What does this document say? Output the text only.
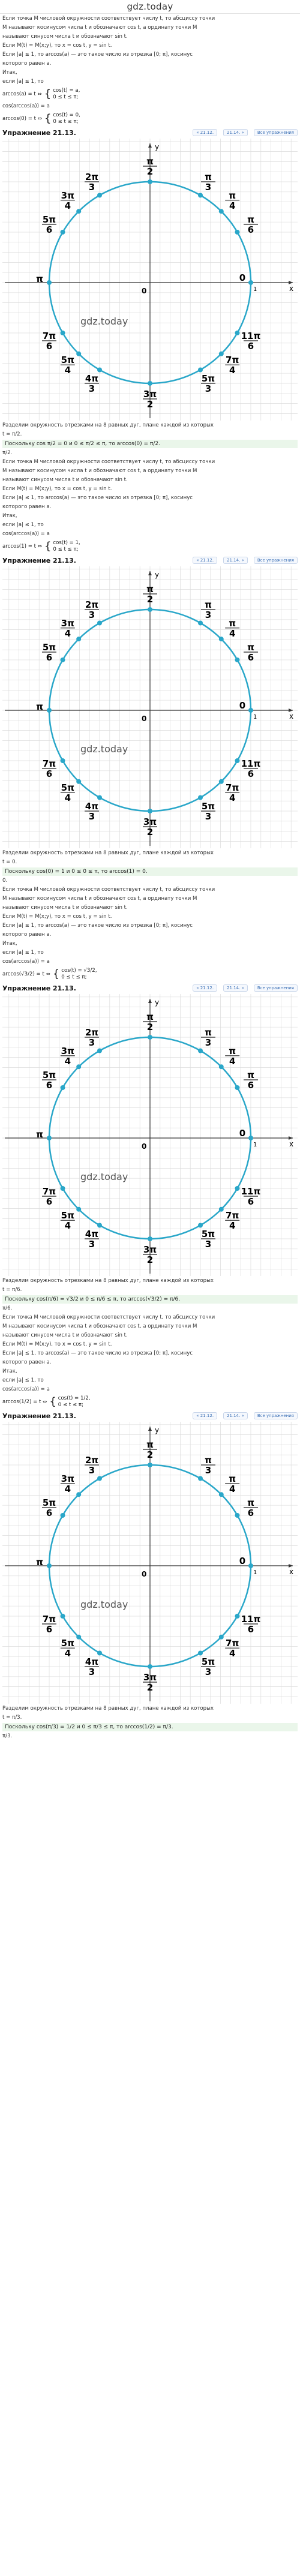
gdz.today
Если точка M числовой окружности соответствует числу t, то абсциссу точки
M называют косинусом числа t и обозначают cos t, а ординату точки M
называют синусом числа t и обозначают sin t.
Если M(t) = M(x;y), то x = cos t, y = sin t.
Если |a| ≤ 1, то arccos(a) — это такое число из отрезка [0; π], косинус
которого равен a.
Итак,
если |a| ≤ 1, то
arccos(a) = t ⇔ { cos(t) = a,
0 ≤ t ≤ π;
cos(arccos(a)) = a
arccos(0) = t ⇔ { cos(t) = 0,
0 ≤ t ≤ π;
Упражнение 21.13.	« 21.12.	21.14. »	Все упражнения
x
y
0	1
π
2	π
3
π
4
π
6
0
11π
6
7π
4
5π
3
3π
2
4π
3
5π
4
7π
6
π
5π
6
3π
4
2π
3
gdz.today
Разделим окружность отрезками на 8 равных дуг, плане каждой из которых
t = π/2.
Поскольку cos π/2 = 0 и 0 ≤ π/2 ≤ π, то arccos(0) = π/2.
π/2.
Если точка M числовой окружности соответствует числу t, то абсциссу точки
M называют косинусом числа t и обозначают cos t, а ординату точки M
называют синусом числа t и обозначают sin t.
Если M(t) = M(x;y), то x = cos t, y = sin t.
Если |a| ≤ 1, то arccos(a) — это такое число из отрезка [0; π], косинус
которого равен a.
Итак,
если |a| ≤ 1, то
cos(arccos(a)) = a
arccos(1) = t ⇔ { cos(t) = 1,
0 ≤ t ≤ π;
Упражнение 21.13.	« 21.12.	21.14. »	Все упражнения
x
y
0	1
π
2	π
3
π
4
π
6
0
11π
6
7π
4
5π
3
3π
2
4π
3
5π
4
7π
6
π
5π
6
3π
4
2π
3
gdz.today
Разделим окружность отрезками на 8 равных дуг, плане каждой из которых
t = 0.
Поскольку cos(0) = 1 и 0 ≤ 0 ≤ π, то arccos(1) = 0.
0.
Если точка M числовой окружности соответствует числу t, то абсциссу точки
M называют косинусом числа t и обозначают cos t, а ординату точки M
называют синусом числа t и обозначают sin t.
Если M(t) = M(x;y), то x = cos t, y = sin t.
Если |a| ≤ 1, то arccos(a) — это такое число из отрезка [0; π], косинус
которого равен a.
Итак,
если |a| ≤ 1, то
cos(arccos(a)) = a
arccos(√3/2) = t ⇔ { cos(t) = √3/2,
0 ≤ t ≤ π;
Упражнение 21.13.	« 21.12.	21.14. »	Все упражнения
x
y
0	1
π
2	π
3
π
4
π
6
0
11π
6
7π
4
5π
3
3π
2
4π
3
5π
4
7π
6
π
5π
6
3π
4
2π
3
gdz.today
Разделим окружность отрезками на 8 равных дуг, плане каждой из которых
t = π/6.
Поскольку cos(π/6) = √3/2 и 0 ≤ π/6 ≤ π, то arccos(√3/2) = π/6.
π/6.
Если точка M числовой окружности соответствует числу t, то абсциссу точки
M называют косинусом числа t и обозначают cos t, а ординату точки M
называют синусом числа t и обозначают sin t.
Если M(t) = M(x;y), то x = cos t, y = sin t.
Если |a| ≤ 1, то arccos(a) — это такое число из отрезка [0; π], косинус
которого равен a.
Итак,
если |a| ≤ 1, то
cos(arccos(a)) = a
arccos(1/2) = t ⇔ { cos(t) = 1/2,
0 ≤ t ≤ π;
Упражнение 21.13.	« 21.12.	21.14. »	Все упражнения
x
y
0	1
π
2	π
3
π
4
π
6
0
11π
6
7π
4
5π
3
3π
2
4π
3
5π
4
7π
6
π
5π
6
3π
4
2π
3
gdz.today
Разделим окружность отрезками на 8 равных дуг, плане каждой из которых
t = π/3.
Поскольку cos(π/3) = 1/2 и 0 ≤ π/3 ≤ π, то arccos(1/2) = π/3.
π/3.
